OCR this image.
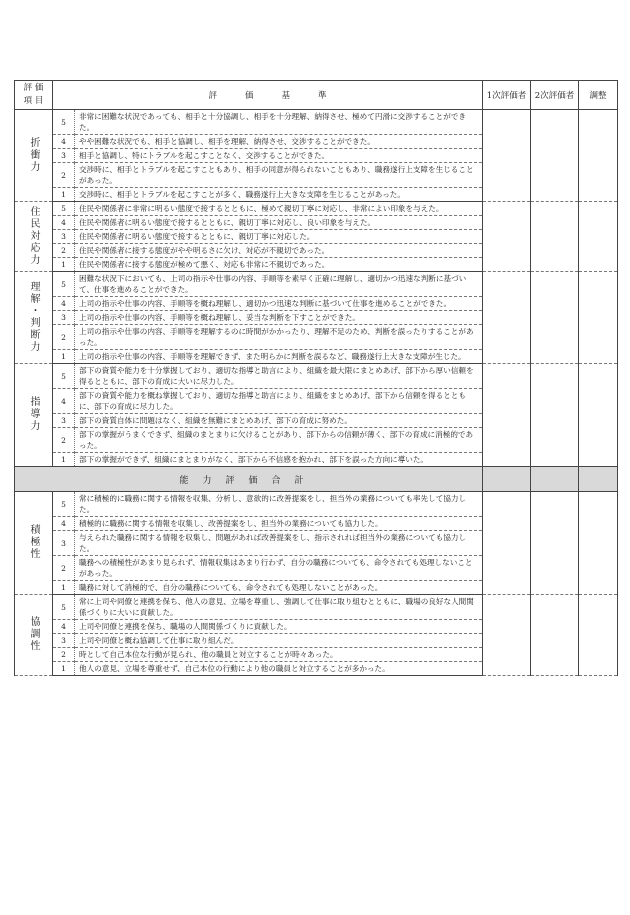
評 価
項 目	評価基準		1次評価者	2次評価者	調整
折衝力	5	非常に困難な状況であっても、相手と十分協調し、相手を十分理解、納得させ、極めて円滑に交渉することができた。			
	4	やや困難な状況でも、相手と協調し、相手を理解、納得させ、交渉することができた。			
	3	相手と協調し、特にトラブルを起こすことなく、交渉することができた。			
	2	交渉時に、相手とトラブルを起こすこともあり、相手の同意が得られないこともあり、職務遂行上支障を生じることがあった。			
	1	交渉時に、相手とトラブルを起こすことが多く、職務遂行上大きな支障を生じることがあった。			
住民対応力	5	住民や関係者に非常に明るい態度で接するとともに、極めて親切丁寧に対応し、非常によい印象を与えた。			
	4	住民や関係者に明るい態度で接するとともに、親切丁寧に対応し、良い印象を与えた。			
	3	住民や関係者に明るい態度で接するとともに、親切丁寧に対応した。			
	2	住民や関係者に接する態度がやや明るさに欠け、対応が不親切であった。			
	1	住民や関係者に接する態度が極めて悪く、対応も非常に不親切であった。			
理解・判断力	5	困難な状況下においても、上司の指示や仕事の内容、手順等を素早く正確に理解し、適切かつ迅速な判断に基づいて、仕事を進めることができた。			
	4	上司の指示や仕事の内容、手順等を概ね理解し、適切かつ迅速な判断に基づいて仕事を進めることができた。			
	3	上司の指示や仕事の内容、手順等を概ね理解し、妥当な判断を下すことができた。			
	2	上司の指示や仕事の内容、手順等を理解するのに時間がかかったり、理解不足のため、判断を誤ったりすることがあった。			
	1	上司の指示や仕事の内容、手順等を理解できず、また明らかに判断を誤るなど、職務遂行上大きな支障が生じた。			
指導力	5	部下の資質や能力を十分掌握しており、適切な指導と助言により、組織を最大限にまとめあげ、部下から厚い信頼を得るとともに、部下の育成に大いに尽力した。			
	4	部下の資質や能力を概ね掌握しており、適切な指導と助言により、組織をまとめあげ、部下から信頼を得るとともに、部下の育成に尽力した。			
	3	部下の資質自体に問題はなく、組織を無難にまとめあげ、部下の育成に努めた。			
	2	部下の掌握がうまくできず、組織のまとまりに欠けることがあり、部下からの信頼が薄く、部下の育成に消極的であった。			
	1	部下の掌握ができず、組織にまとまりがなく、部下から不信感を抱かれ、部下を誤った方向に導いた。			
能力評価合計					
積極性	5	常に積極的に職務に関する情報を収集、分析し、意欲的に改善提案をし、担当外の業務についても率先して協力した。			
	4	積極的に職務に関する情報を収集し、改善提案をし、担当外の業務についても協力した。			
	3	与えられた職務に関する情報を収集し、問題があれば改善提案をし、指示されれば担当外の業務についても協力した。			
	2	職務への積極性があまり見られず、情報収集はあまり行わず、自分の職務についても、命令されても処理しないことがあった。			
	1	職務に対して消極的で、自分の職務についても、命令されても処理しないことがあった。			
協調性	5	常に上司や同僚と連携を保ち、他人の意見、立場を尊重し、強調して仕事に取り組むとともに、職場の良好な人間関係づくりに大いに貢献した。			
	4	上司や同僚と連携を保ち、職場の人間関係づくりに貢献した。			
	3	上司や同僚と概ね協調して仕事に取り組んだ。			
	2	時として自己本位な行動が見られ、他の職員と対立することが時々あった。			
	1	他人の意見、立場を尊重せず、自己本位の行動により他の職員と対立することが多かった。			
